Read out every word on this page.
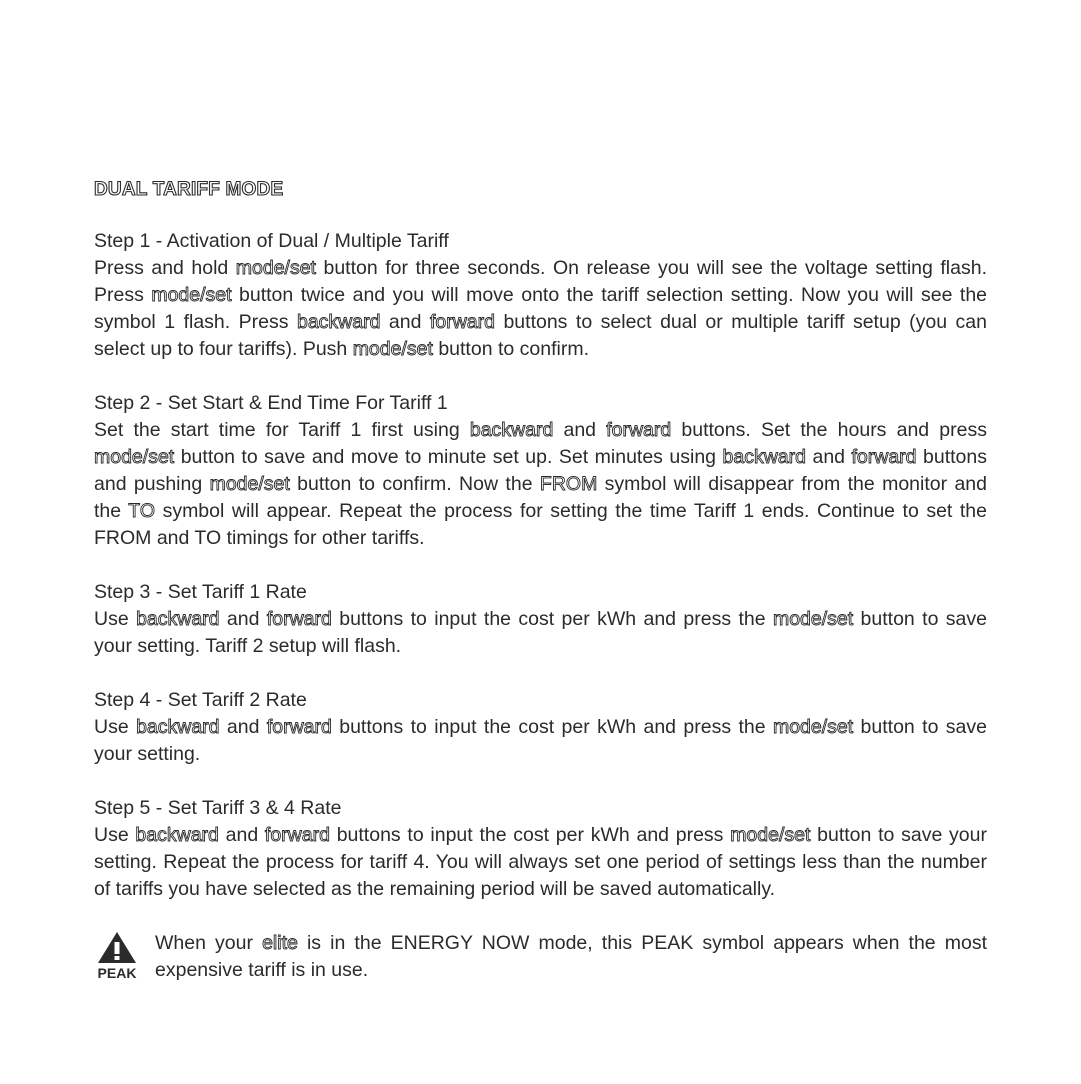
DUAL TARIFF MODE

Step 1 - Activation of Dual / Multiple Tariff

Press and hold mode/set button for three seconds. On release you will see the voltage setting flash. Press mode/set button twice and you will move onto the tariff selection setting. Now you will see the symbol 1 flash. Press backward and forward buttons to select dual or multiple tariff setup (you can select up to four tariffs). Push mode/set button to confirm.

Step 2 - Set Start & End Time For Tariff 1

Set the start time for Tariff 1 first using backward and forward buttons. Set the hours and press mode/set button to save and move to minute set up. Set minutes using backward and forward buttons and pushing mode/set button to confirm. Now the FROM symbol will disappear from the monitor and the TO symbol will appear. Repeat the process for setting the time Tariff 1 ends. Continue to set the FROM and TO timings for other tariffs.

Step 3 - Set Tariff 1 Rate

Use backward and forward buttons to input the cost per kWh and press the mode/set button to save your setting. Tariff 2 setup will flash.

Step 4 - Set Tariff 2 Rate

Use backward and forward buttons to input the cost per kWh and press the mode/set button to save your setting.

Step 5 - Set Tariff 3 & 4 Rate

Use backward and forward buttons to input the cost per kWh and press mode/set button to save your setting. Repeat the process for tariff 4. You will always set one period of settings less than the number of tariffs you have selected as the remaining period will be saved automatically.

PEAK

When your elite is in the ENERGY NOW mode, this PEAK symbol appears when the most expensive tariff is in use.
